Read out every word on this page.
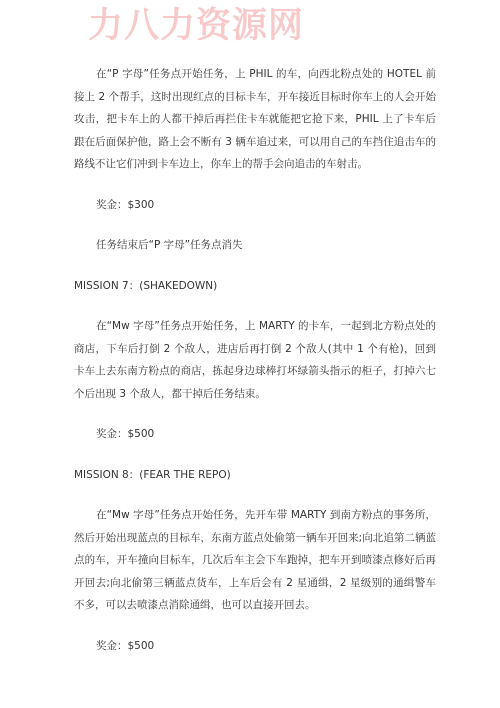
力八力资源网

在“P 字母”任务点开始任务，上 PHIL 的车，向西北粉点处的 HOTEL 前接上 2 个帮手，这时出现红点的目标卡车，开车接近目标时你车上的人会开始攻击，把卡车上的人都干掉后再拦住卡车就能把它抢下来，PHIL 上了卡车后跟在后面保护他，路上会不断有 3 辆车追过来，可以用自己的车挡住追击车的路线不让它们冲到卡车边上，你车上的帮手会向追击的车射击。

奖金：$300

任务结束后“P 字母”任务点消失

MISSION 7：(SHAKEDOWN)

在“Mw 字母”任务点开始任务，上 MARTY 的卡车，一起到北方粉点处的商店，下车后打倒 2 个敌人，进店后再打倒 2 个敌人(其中 1 个有枪)，回到卡车上去东南方粉点的商店，拣起身边球棒打坏绿箭头指示的柜子，打掉六七个后出现 3 个敌人，都干掉后任务结束。

奖金：$500

MISSION 8：(FEAR THE REPO)

在“Mw 字母”任务点开始任务，先开车带 MARTY 到南方粉点的事务所，然后开始出现蓝点的目标车，东南方蓝点处偷第一辆车开回来;向北追第二辆蓝点的车，开车撞向目标车，几次后车主会下车跑掉，把车开到喷漆点修好后再开回去;向北偷第三辆蓝点货车，上车后会有 2 星通缉，2 星级别的通缉警车不多，可以去喷漆点消除通缉，也可以直接开回去。

奖金：$500
